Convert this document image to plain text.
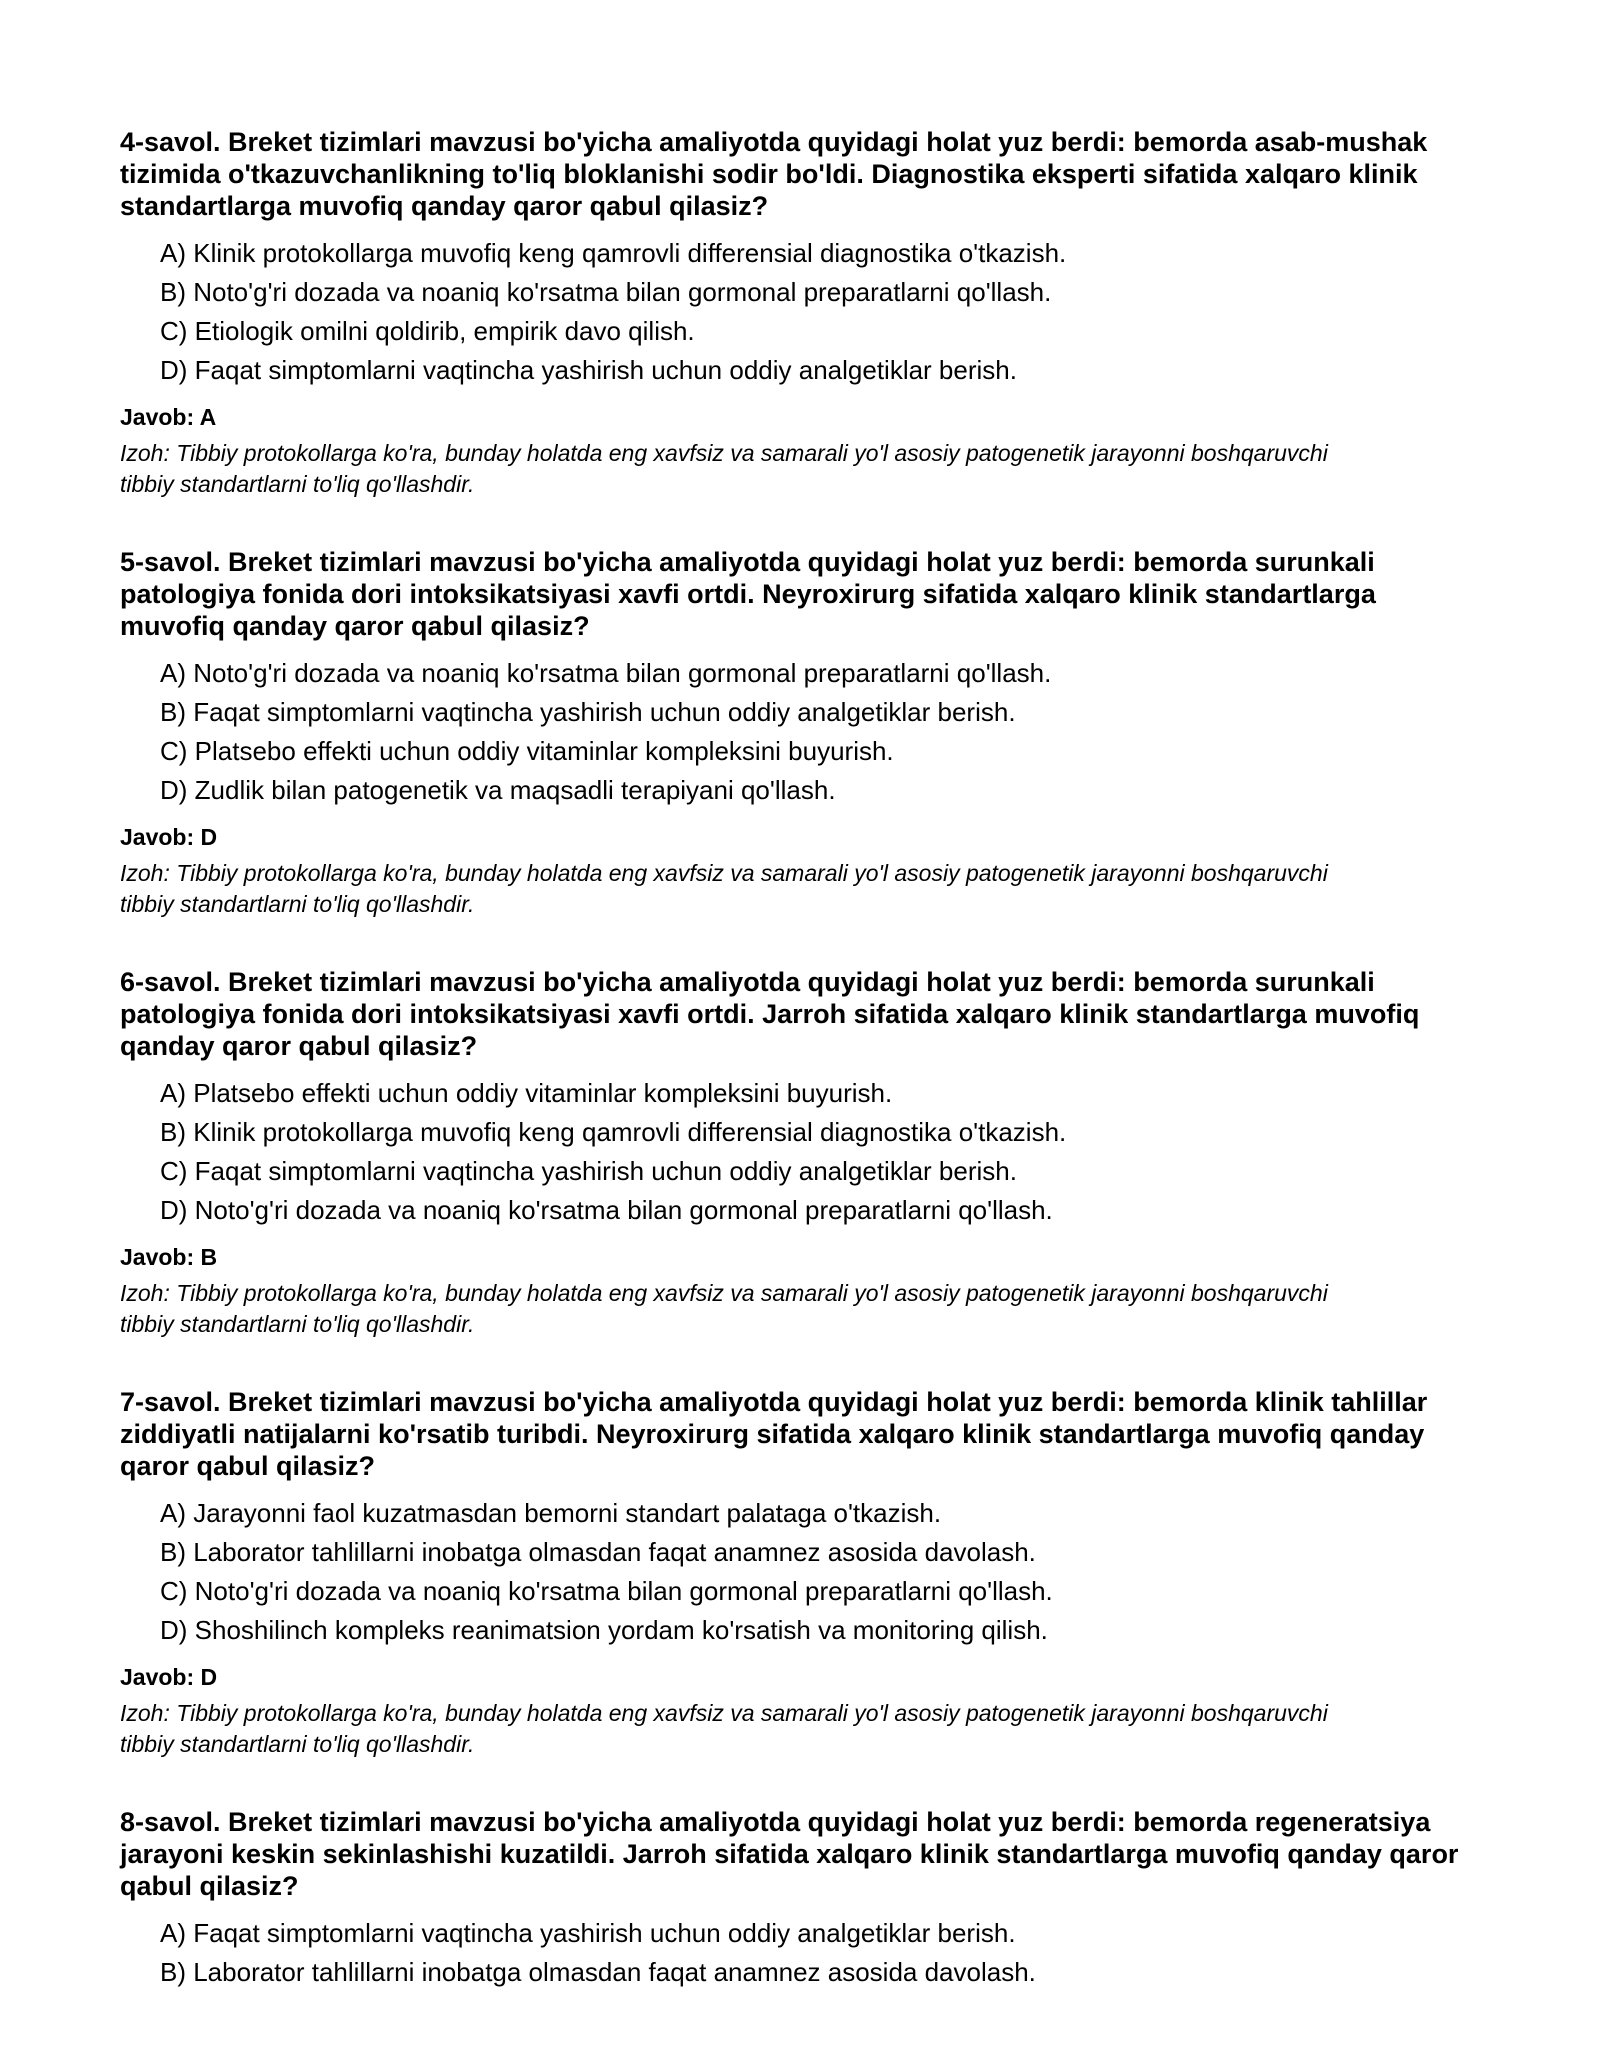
4-savol. Breket tizimlari mavzusi bo'yicha amaliyotda quyidagi holat yuz berdi: bemorda asab-mushak tizimida o'tkazuvchanlikning to'liq bloklanishi sodir bo'ldi. Diagnostika eksperti sifatida xalqaro klinik standartlarga muvofiq qanday qaror qabul qilasiz?

A) Klinik protokollarga muvofiq keng qamrovli differensial diagnostika o'tkazish.
B) Noto'g'ri dozada va noaniq ko'rsatma bilan gormonal preparatlarni qo'llash.
C) Etiologik omilni qoldirib, empirik davo qilish.
D) Faqat simptomlarni vaqtincha yashirish uchun oddiy analgetiklar berish.

Javob: A

Izoh: Tibbiy protokollarga ko'ra, bunday holatda eng xavfsiz va samarali yo'l asosiy patogenetik jarayonni boshqaruvchi tibbiy standartlarni to'liq qo'llashdir.

5-savol. Breket tizimlari mavzusi bo'yicha amaliyotda quyidagi holat yuz berdi: bemorda surunkali patologiya fonida dori intoksikatsiyasi xavfi ortdi. Neyroxirurg sifatida xalqaro klinik standartlarga muvofiq qanday qaror qabul qilasiz?

A) Noto'g'ri dozada va noaniq ko'rsatma bilan gormonal preparatlarni qo'llash.
B) Faqat simptomlarni vaqtincha yashirish uchun oddiy analgetiklar berish.
C) Platsebo effekti uchun oddiy vitaminlar kompleksini buyurish.
D) Zudlik bilan patogenetik va maqsadli terapiyani qo'llash.

Javob: D

Izoh: Tibbiy protokollarga ko'ra, bunday holatda eng xavfsiz va samarali yo'l asosiy patogenetik jarayonni boshqaruvchi tibbiy standartlarni to'liq qo'llashdir.

6-savol. Breket tizimlari mavzusi bo'yicha amaliyotda quyidagi holat yuz berdi: bemorda surunkali patologiya fonida dori intoksikatsiyasi xavfi ortdi. Jarroh sifatida xalqaro klinik standartlarga muvofiq qanday qaror qabul qilasiz?

A) Platsebo effekti uchun oddiy vitaminlar kompleksini buyurish.
B) Klinik protokollarga muvofiq keng qamrovli differensial diagnostika o'tkazish.
C) Faqat simptomlarni vaqtincha yashirish uchun oddiy analgetiklar berish.
D) Noto'g'ri dozada va noaniq ko'rsatma bilan gormonal preparatlarni qo'llash.

Javob: B

Izoh: Tibbiy protokollarga ko'ra, bunday holatda eng xavfsiz va samarali yo'l asosiy patogenetik jarayonni boshqaruvchi tibbiy standartlarni to'liq qo'llashdir.

7-savol. Breket tizimlari mavzusi bo'yicha amaliyotda quyidagi holat yuz berdi: bemorda klinik tahlillar ziddiyatli natijalarni ko'rsatib turibdi. Neyroxirurg sifatida xalqaro klinik standartlarga muvofiq qanday qaror qabul qilasiz?

A) Jarayonni faol kuzatmasdan bemorni standart palataga o'tkazish.
B) Laborator tahlillarni inobatga olmasdan faqat anamnez asosida davolash.
C) Noto'g'ri dozada va noaniq ko'rsatma bilan gormonal preparatlarni qo'llash.
D) Shoshilinch kompleks reanimatsion yordam ko'rsatish va monitoring qilish.

Javob: D

Izoh: Tibbiy protokollarga ko'ra, bunday holatda eng xavfsiz va samarali yo'l asosiy patogenetik jarayonni boshqaruvchi tibbiy standartlarni to'liq qo'llashdir.

8-savol. Breket tizimlari mavzusi bo'yicha amaliyotda quyidagi holat yuz berdi: bemorda regeneratsiya jarayoni keskin sekinlashishi kuzatildi. Jarroh sifatida xalqaro klinik standartlarga muvofiq qanday qaror qabul qilasiz?

A) Faqat simptomlarni vaqtincha yashirish uchun oddiy analgetiklar berish.
B) Laborator tahlillarni inobatga olmasdan faqat anamnez asosida davolash.
